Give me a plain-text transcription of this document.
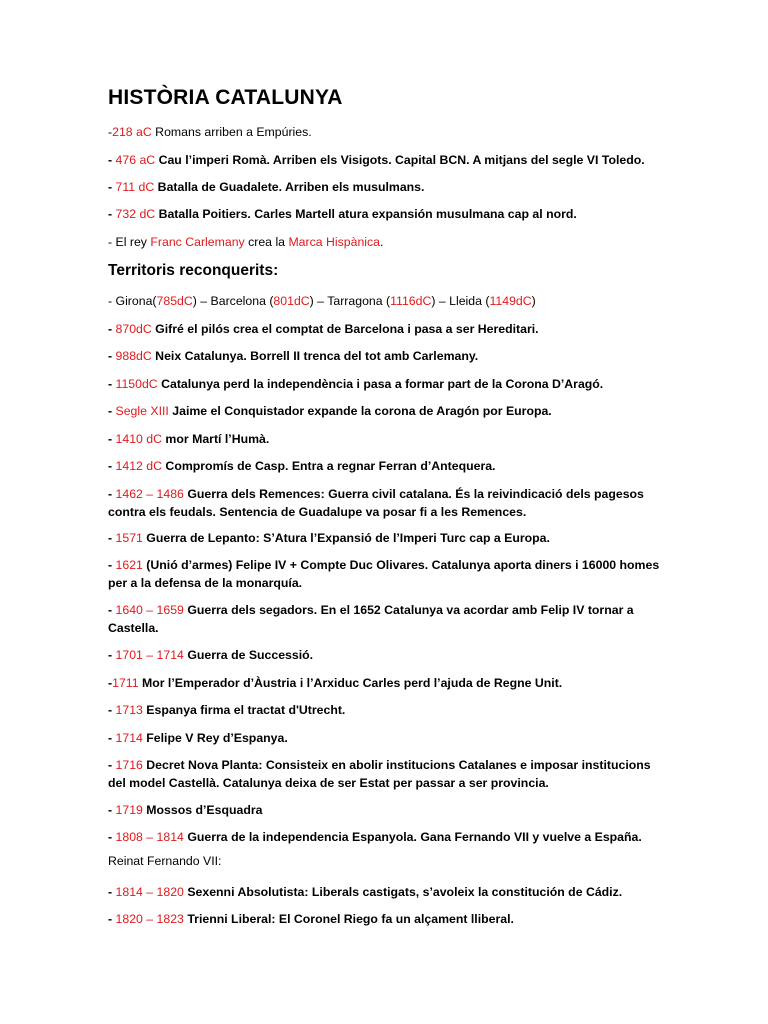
HISTÒRIA CATALUNYA
Territoris reconquerits:
-218 aC Romans arriben a Empúries.
- 476 aC Cau l’imperi Romà. Arriben els Visigots. Capital BCN. A mitjans del segle VI Toledo.
- 711 dC Batalla de Guadalete. Arriben els musulmans.
- 732 dC Batalla Poitiers. Carles Martell atura expansión musulmana cap al nord.
- El rey Franc Carlemany crea la Marca Hispànica.
- Girona(785dC) – Barcelona (801dC) – Tarragona (1116dC) – Lleida (1149dC)
- 870dC Gifré el pilós crea el comptat de Barcelona i pasa a ser Hereditari.
- 988dC Neix Catalunya. Borrell II trenca del tot amb Carlemany.
- 1150dC Catalunya perd la independència i pasa a formar part de la Corona D’Aragó.
- Segle XIII Jaime el Conquistador expande la corona de Aragón por Europa.
- 1410 dC mor Martí l’Humà.
- 1412 dC Compromís de Casp. Entra a regnar Ferran d’Antequera.
- 1462 – 1486 Guerra dels Remences: Guerra civil catalana. És la reivindicació dels pagesos contra els feudals. Sentencia de Guadalupe va posar fi a les Remences.
- 1571 Guerra de Lepanto: S’Atura l’Expansió de l’Imperi Turc cap a Europa.
- 1621 (Unió d’armes) Felipe IV + Compte Duc Olivares. Catalunya aporta diners i 16000 homes per a la defensa de la monarquía.
- 1640 – 1659 Guerra dels segadors. En el 1652 Catalunya va acordar amb Felip IV tornar a Castella.
- 1701 – 1714 Guerra de Successió.
-1711 Mor l’Emperador d’Àustria i l’Arxiduc Carles perd l’ajuda de Regne Unit.
- 1713 Espanya firma el tractat d'Utrecht.
- 1714 Felipe V Rey d’Espanya.
- 1716 Decret Nova Planta: Consisteix en abolir institucions Catalanes e imposar institucions del model Castellà. Catalunya deixa de ser Estat per passar a ser provincia.
- 1719 Mossos d’Esquadra
- 1808 – 1814 Guerra de la independencia Espanyola. Gana Fernando VII y vuelve a España.
- 1814 – 1820 Sexenni Absolutista: Liberals castigats, s’avoleix la constitución de Cádiz.
- 1820 – 1823 Trienni Liberal: El Coronel Riego fa un alçament lliberal.
Reinat Fernando VII:
